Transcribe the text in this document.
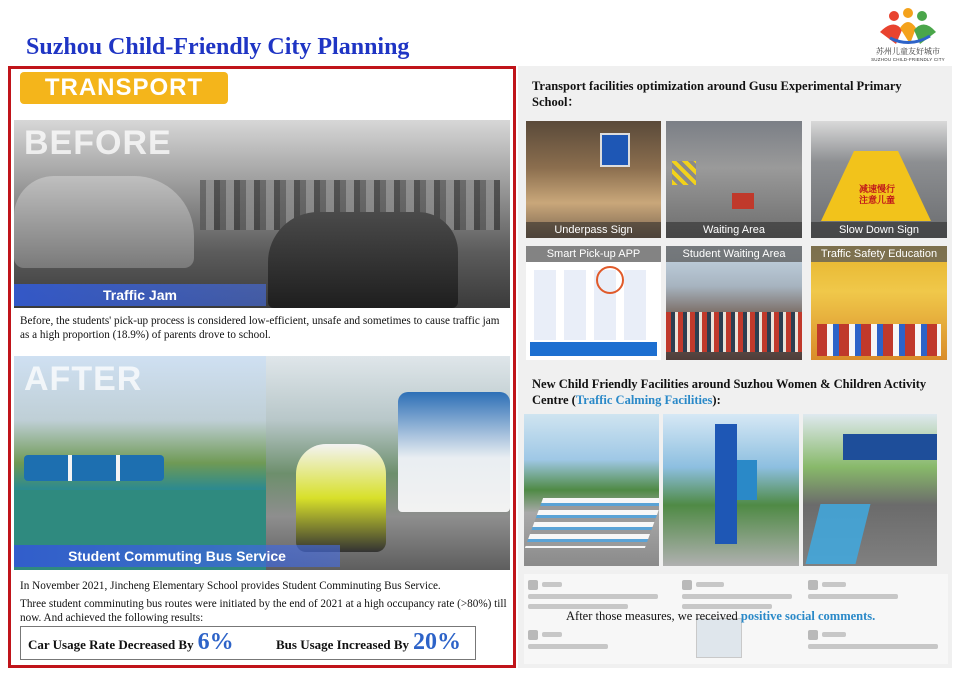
Suzhou Child-Friendly City Planning	苏州儿童友好城市
SUZHOU CHILD-FRIENDLY CITY
TRANSPORT
BEFORE
Traffic Jam
Before, the students' pick-up process is considered low-efficient, unsafe and sometimes to cause traffic jam as a high proportion (18.9%) of parents drove to school.
AFTER
Student Commuting Bus Service
In November 2021, Jincheng Elementary School provides Student Comminuting Bus Service.
Three student comminuting bus routes were initiated by the end of 2021 at a high occupancy rate (>80%) till now. And achieved the following results:
Car Usage Rate Decreased By 6%	Bus Usage Increased By 20%
Transport facilities optimization around Gusu Experimental Primary School：
Underpass Sign	Waiting Area
减速慢行
注意儿童
Slow Down Sign
Smart Pick-up APP	Student Waiting Area	Traffic Safety Education
New Child Friendly Facilities around Suzhou Women & Children Activity Centre (Traffic Calming Facilities):
After those measures, we received positive social comments.
